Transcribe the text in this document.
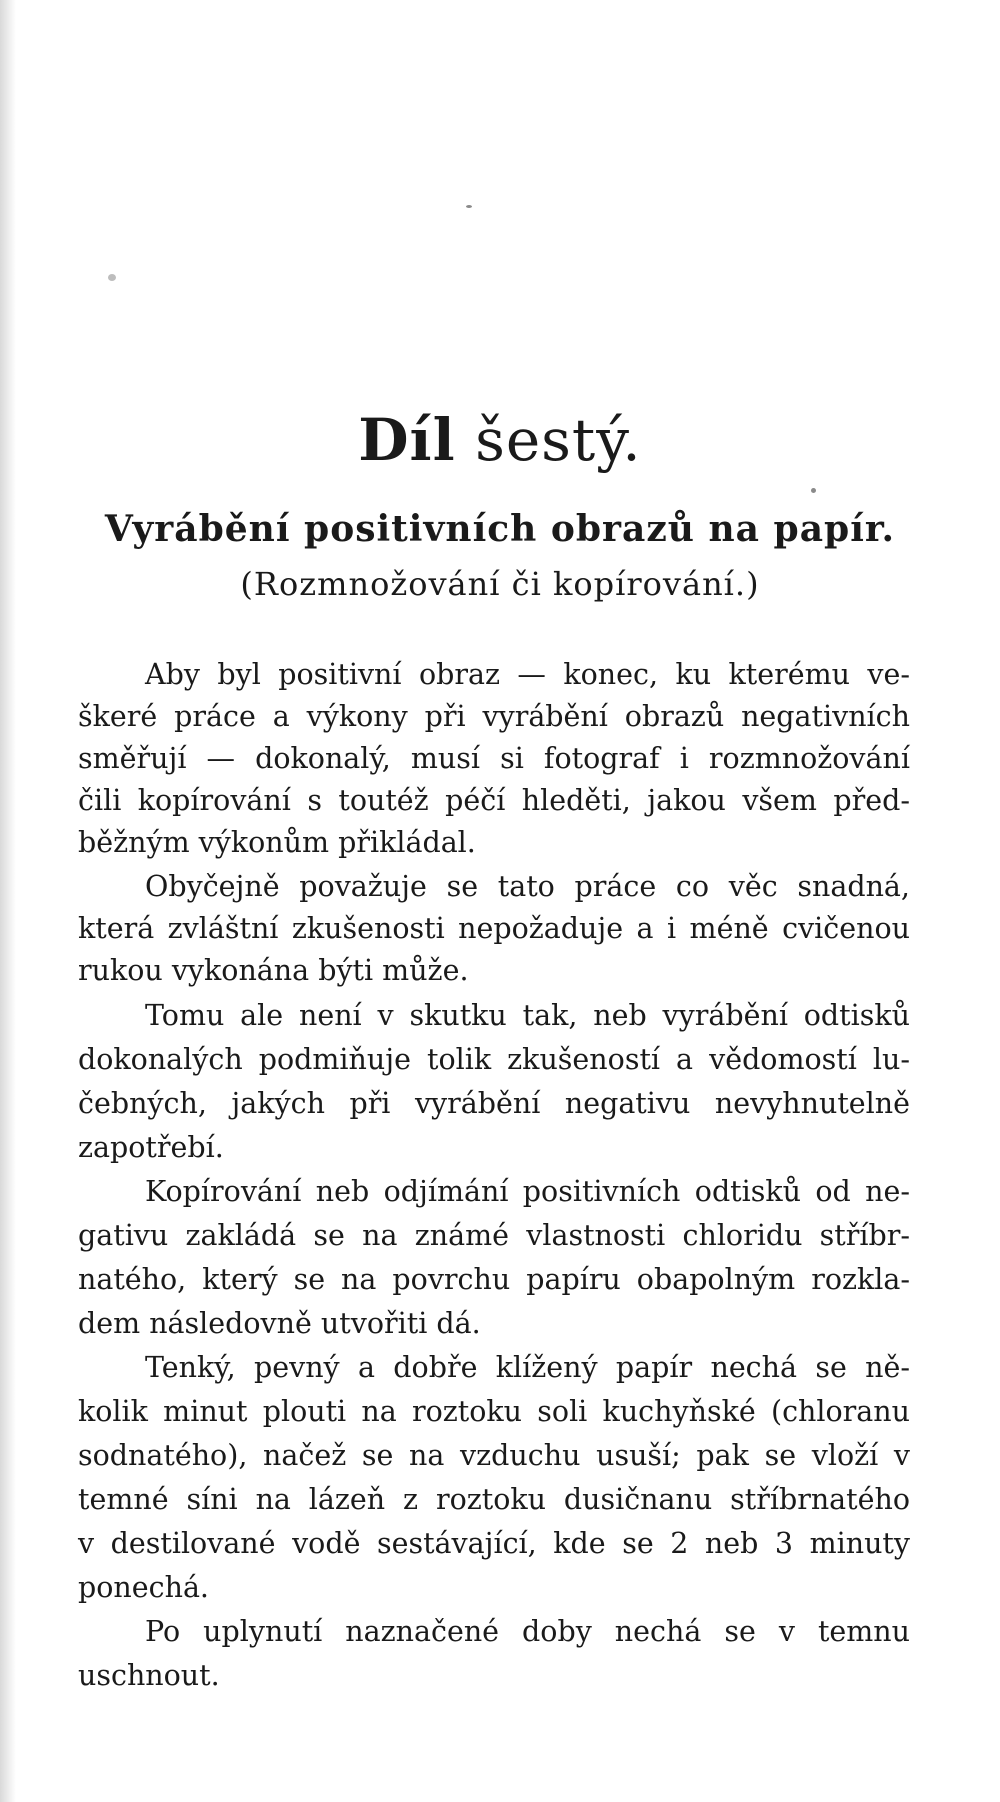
Díl šestý.
Vyrábění positivních obrazů na papír.
(Rozmnožování či kopírování.)
Aby byl positivní obraz — konec, ku kterému ve-
škeré práce a výkony při vyrábění obrazů negativních
směřují — dokonalý, musí si fotograf i rozmnožování
čili kopírování s toutéž péčí hleděti, jakou všem před-
běžným výkonům přikládal.
Obyčejně považuje se tato práce co věc snadná,
která zvláštní zkušenosti nepožaduje a i méně cvičenou
rukou vykonána býti může.
Tomu ale není v skutku tak, neb vyrábění odtisků
dokonalých podmiňuje tolik zkušeností a vědomostí lu-
čebných, jakých při vyrábění negativu nevyhnutelně
zapotřebí.
Kopírování neb odjímání positivních odtisků od ne-
gativu zakládá se na známé vlastnosti chloridu stříbr-
natého, který se na povrchu papíru obapolným rozkla-
dem následovně utvořiti dá.
Tenký, pevný a dobře klížený papír nechá se ně-
kolik minut plouti na roztoku soli kuchyňské (chloranu
sodnatého), načež se na vzduchu usuší; pak se vloží v
temné síni na lázeň z roztoku dusičnanu stříbrnatého
v destilované vodě sestávající, kde se 2 neb 3 minuty
ponechá.
Po uplynutí naznačené doby nechá se v temnu
uschnout.
